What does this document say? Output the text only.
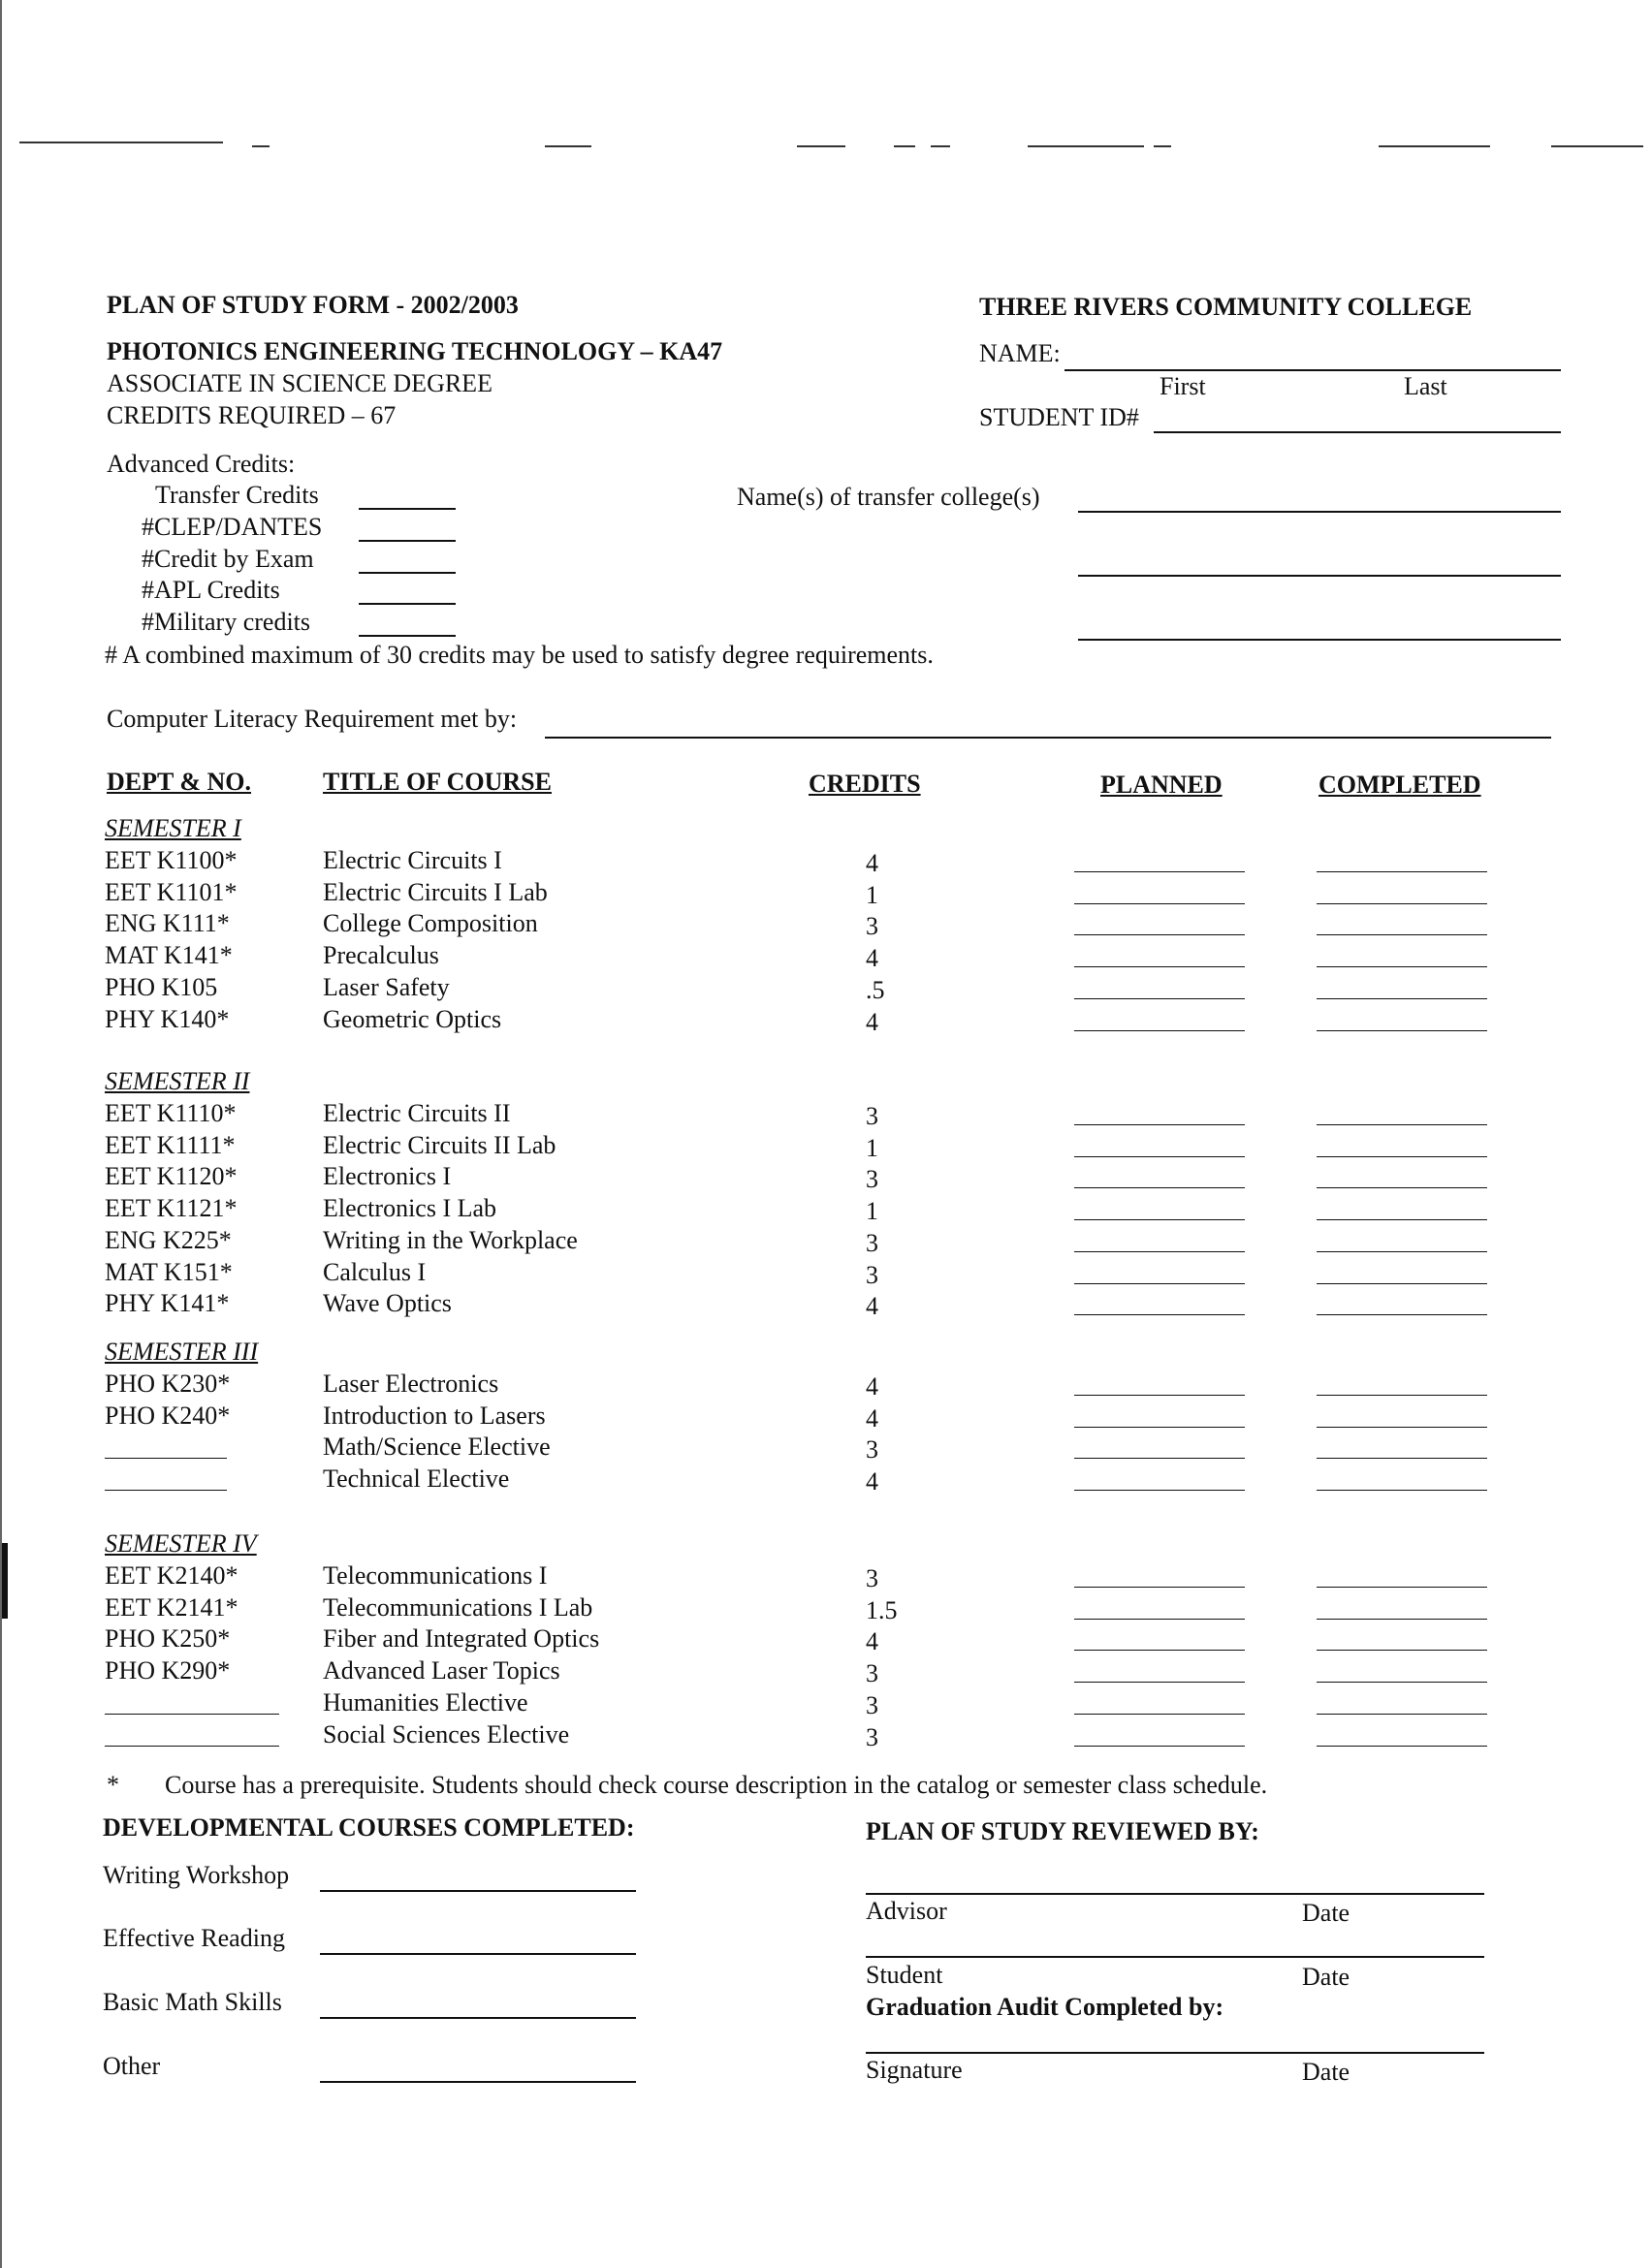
PLAN OF STUDY FORM - 2002/2003
PHOTONICS ENGINEERING TECHNOLOGY – KA47
ASSOCIATE IN SCIENCE DEGREE
CREDITS REQUIRED – 67
THREE RIVERS COMMUNITY COLLEGE
NAME:
First	Last
STUDENT ID#
Advanced Credits:
Transfer Credits
#CLEP/DANTES
#Credit by Exam
#APL Credits
#Military credits
Name(s) of transfer college(s)
# A combined maximum of 30 credits may be used to satisfy degree requirements.
Computer Literacy Requirement met by:
DEPT & NO.	TITLE OF COURSE	CREDITS	PLANNED	COMPLETED
SEMESTER I
EET K1100*	Electric Circuits I	4
EET K1101*	Electric Circuits I Lab	1
ENG K111*	College Composition	3
MAT K141*	Precalculus	4
PHO K105	Laser Safety	.5
PHY K140*	Geometric Optics	4
SEMESTER II
EET K1110*	Electric Circuits II	3
EET K1111*	Electric Circuits II Lab	1
EET K1120*	Electronics I	3
EET K1121*	Electronics I Lab	1
ENG K225*	Writing in the Workplace	3
MAT K151*	Calculus I	3
PHY K141*	Wave Optics	4
SEMESTER III
PHO K230*	Laser Electronics	4
PHO K240*	Introduction to Lasers	4
Math/Science Elective	3
Technical Elective	4
SEMESTER IV
EET K2140*	Telecommunications I	3
EET K2141*	Telecommunications I Lab	1.5
PHO K250*	Fiber and Integrated Optics	4
PHO K290*	Advanced Laser Topics	3
Humanities Elective	3
Social Sciences Elective	3
* Course has a prerequisite. Students should check course description in the catalog or semester class schedule.
DEVELOPMENTAL COURSES COMPLETED:
Writing Workshop
Effective Reading
Basic Math Skills
Other
PLAN OF STUDY REVIEWED BY:
Advisor	Date
Student	Date
Graduation Audit Completed by:
Signature	Date
